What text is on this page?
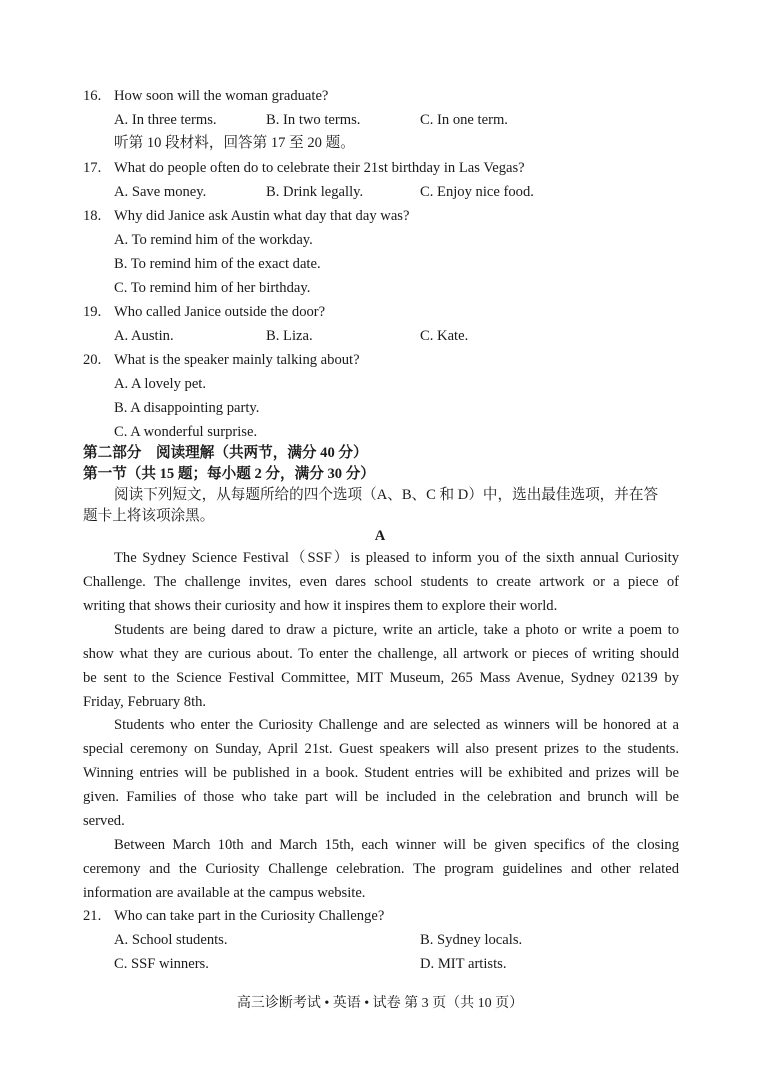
16. How soon will the woman graduate?
A. In three terms.	B. In two terms.	C. In one term.
听第 10 段材料，回答第 17 至 20 题。
17. What do people often do to celebrate their 21st birthday in Las Vegas?
A. Save money.	B. Drink legally.	C. Enjoy nice food.
18. Why did Janice ask Austin what day that day was?
A. To remind him of the workday.
B. To remind him of the exact date.
C. To remind him of her birthday.
19. Who called Janice outside the door?
A. Austin.	B. Liza.	C. Kate.
20. What is the speaker mainly talking about?
A. A lovely pet.
B. A disappointing party.
C. A wonderful surprise.
第二部分　阅读理解（共两节，满分 40 分）
第一节（共 15 题；每小题 2 分，满分 30 分）
阅读下列短文，从每题所给的四个选项（A、B、C 和 D）中，选出最佳选项，并在答
题卡上将该项涂黑。
A
The Sydney Science Festival（SSF）is pleased to inform you of the sixth annual Curiosity
Challenge. The challenge invites, even dares school students to create artwork or a piece of
writing that shows their curiosity and how it inspires them to explore their world.
Students are being dared to draw a picture, write an article, take a photo or write a poem to
show what they are curious about. To enter the challenge, all artwork or pieces of writing should
be sent to the Science Festival Committee, MIT Museum, 265 Mass Avenue, Sydney 02139 by
Friday, February 8th.
Students who enter the Curiosity Challenge and are selected as winners will be honored at a
special ceremony on Sunday, April 21st. Guest speakers will also present prizes to the students.
Winning entries will be published in a book. Student entries will be exhibited and prizes will be
given. Families of those who take part will be included in the celebration and brunch will be
served.
Between March 10th and March 15th, each winner will be given specifics of the closing
ceremony and the Curiosity Challenge celebration. The program guidelines and other related
information are available at the campus website.
21. Who can take part in the Curiosity Challenge?
A. School students.	B. Sydney locals.
C. SSF winners.	D. MIT artists.
高三诊断考试 • 英语 • 试卷 第 3 页（共 10 页）
